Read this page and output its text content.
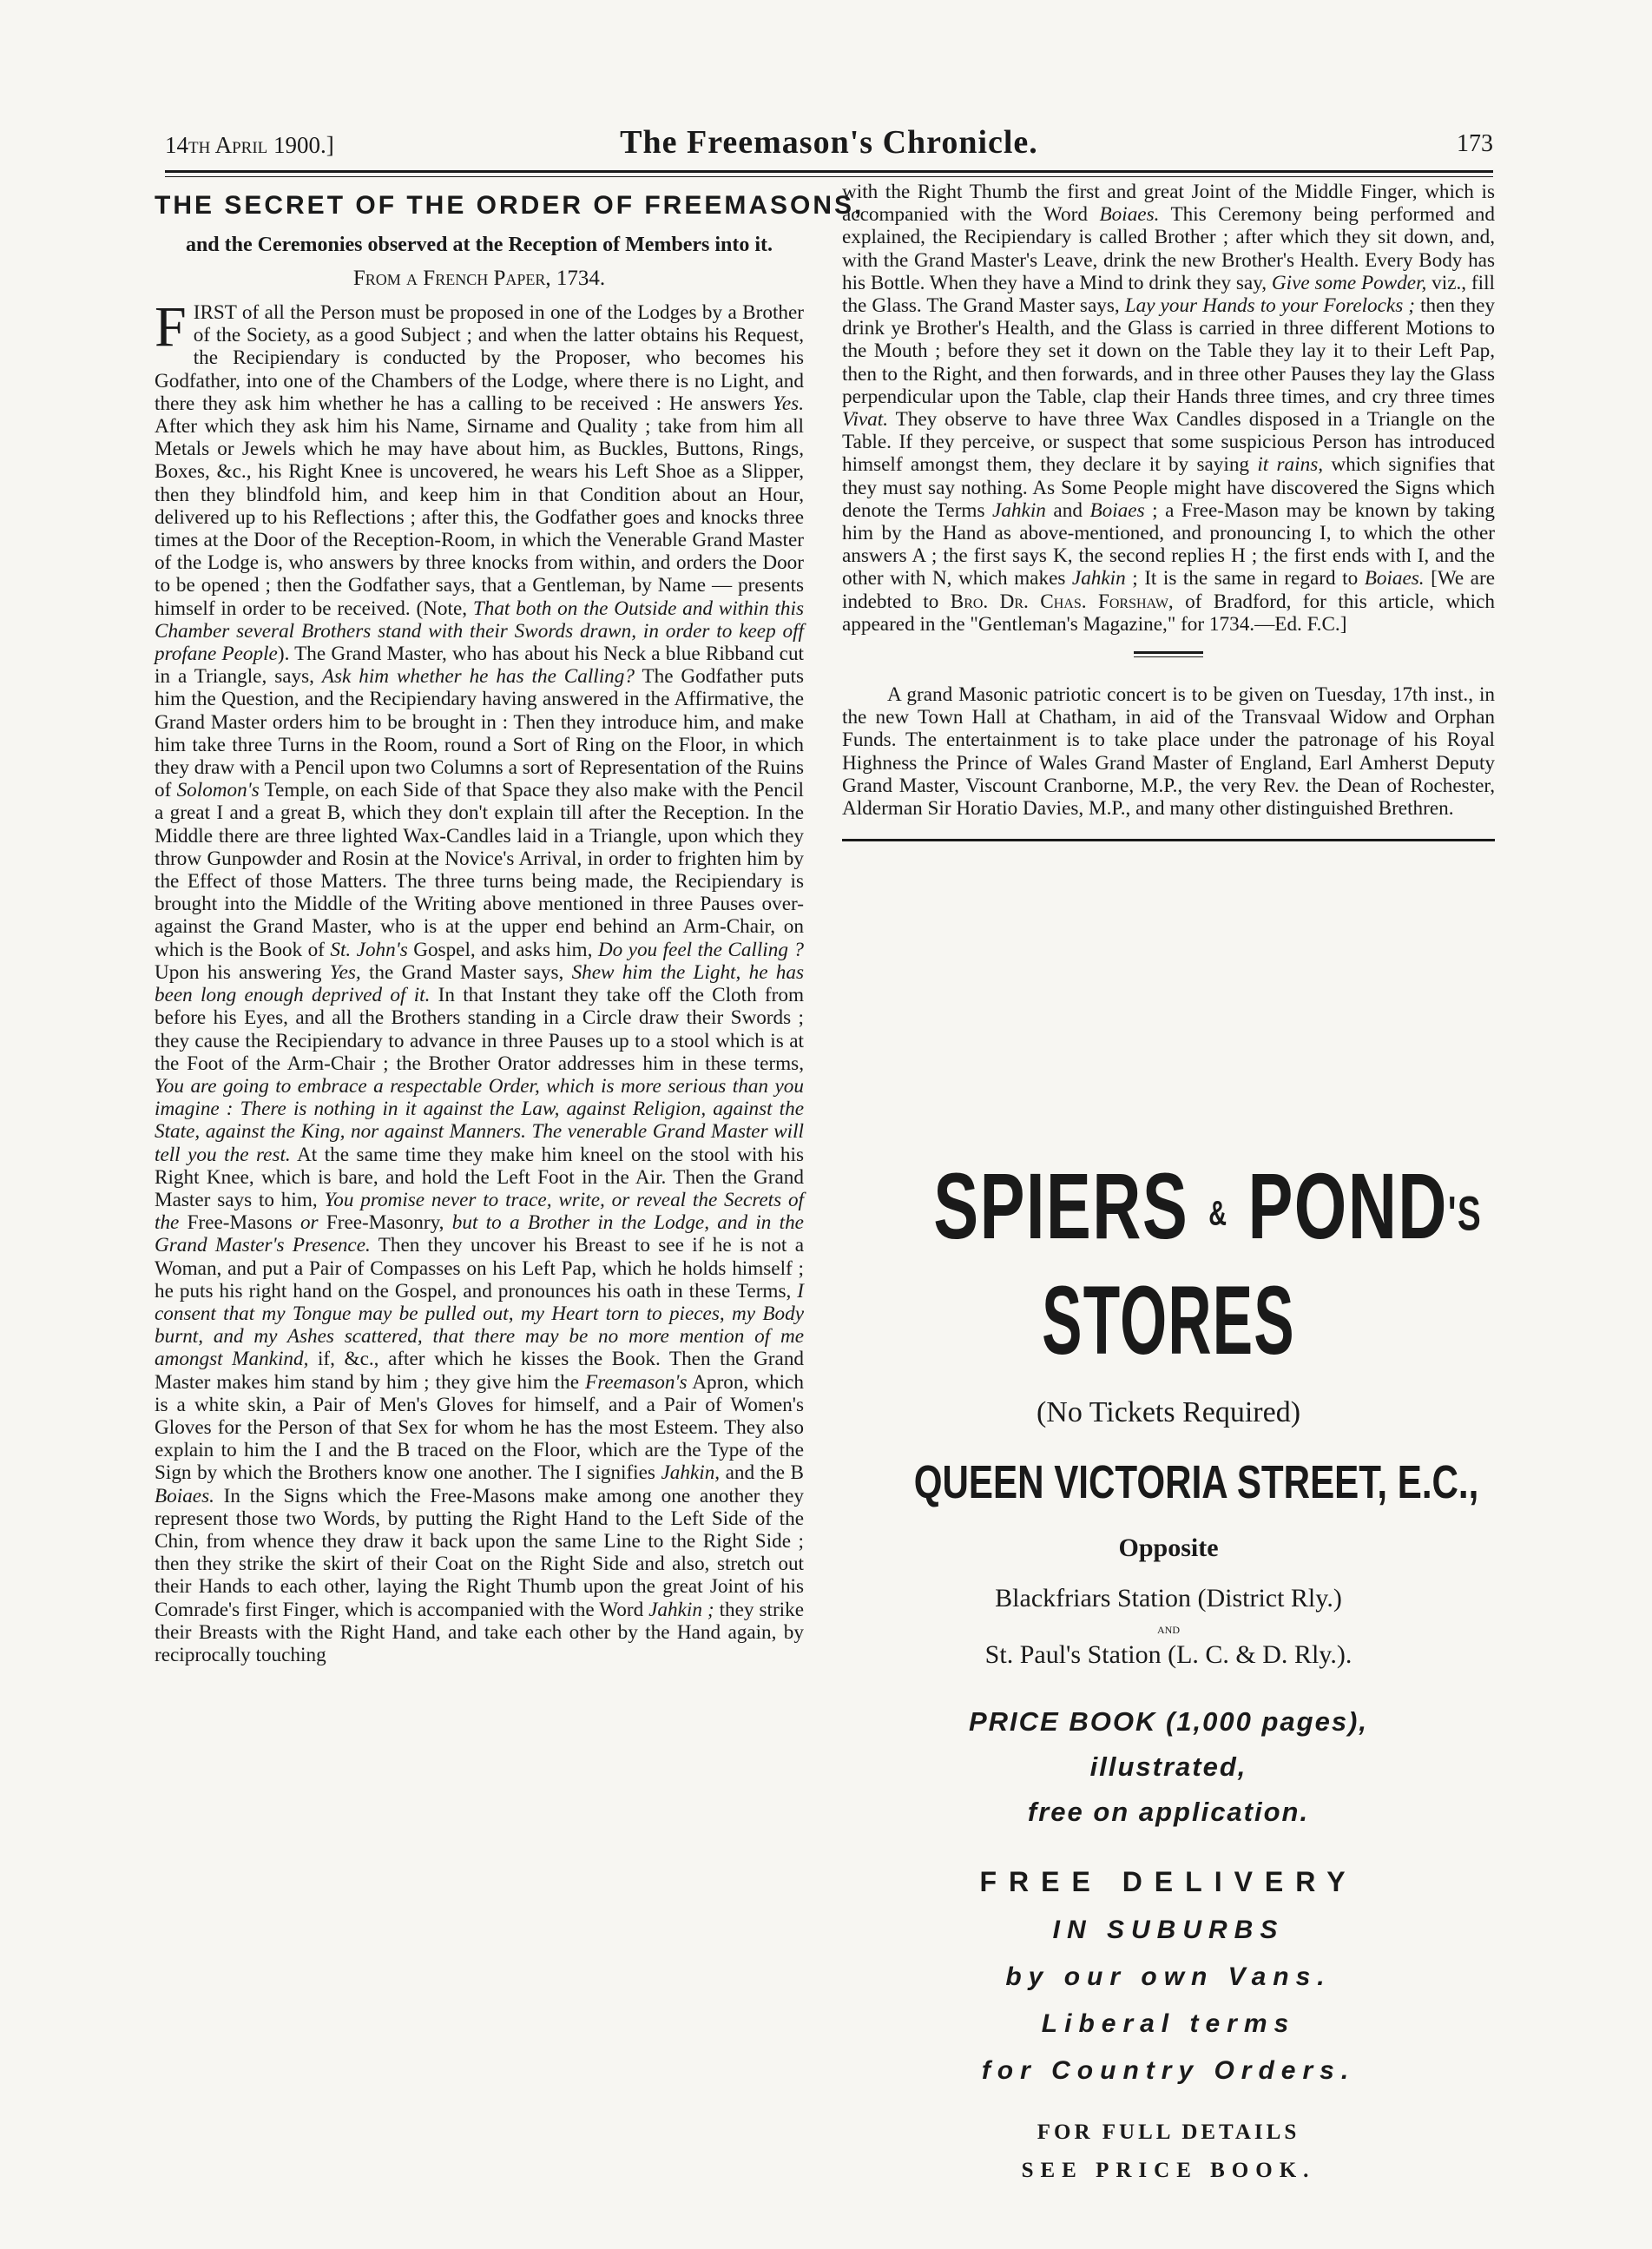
14th April 1900.]	The Freemason's Chronicle.	173
THE SECRET OF THE ORDER OF FREEMASONS,
and the Ceremonies observed at the Reception of Members into it.
From a French Paper, 1734.

FIRST of all the Person must be proposed in one of the Lodges by a Brother of the Society, as a good Subject ; and when the latter obtains his Request, the Recipiendary is conducted by the Proposer, who becomes his Godfather, into one of the Chambers of the Lodge, where there is no Light, and there they ask him whether he has a calling to be received : He answers Yes. After which they ask him his Name, Sirname and Quality ; take from him all Metals or Jewels which he may have about him, as Buckles, Buttons, Rings, Boxes, &c., his Right Knee is uncovered, he wears his Left Shoe as a Slipper, then they blindfold him, and keep him in that Condition about an Hour, delivered up to his Reflections ; after this, the Godfather goes and knocks three times at the Door of the Reception-Room, in which the Venerable Grand Master of the Lodge is, who answers by three knocks from within, and orders the Door to be opened ; then the Godfather says, that a Gentleman, by Name — presents himself in order to be received. (Note, That both on the Outside and within this Chamber several Brothers stand with their Swords drawn, in order to keep off profane People). The Grand Master, who has about his Neck a blue Ribband cut in a Triangle, says, Ask him whether he has the Calling? The Godfather puts him the Question, and the Recipiendary having answered in the Affirmative, the Grand Master orders him to be brought in : Then they introduce him, and make him take three Turns in the Room, round a Sort of Ring on the Floor, in which they draw with a Pencil upon two Columns a sort of Representation of the Ruins of Solomon's Temple, on each Side of that Space they also make with the Pencil a great I and a great B, which they don't explain till after the Reception. In the Middle there are three lighted Wax-Candles laid in a Triangle, upon which they throw Gunpowder and Rosin at the Novice's Arrival, in order to frighten him by the Effect of those Matters. The three turns being made, the Recipiendary is brought into the Middle of the Writing above mentioned in three Pauses over-against the Grand Master, who is at the upper end behind an Arm-Chair, on which is the Book of St. John's Gospel, and asks him, Do you feel the Calling ? Upon his answering Yes, the Grand Master says, Shew him the Light, he has been long enough deprived of it. In that Instant they take off the Cloth from before his Eyes, and all the Brothers standing in a Circle draw their Swords ; they cause the Recipiendary to advance in three Pauses up to a stool which is at the Foot of the Arm-Chair ; the Brother Orator addresses him in these terms, You are going to embrace a respectable Order, which is more serious than you imagine : There is nothing in it against the Law, against Religion, against the State, against the King, nor against Manners. The venerable Grand Master will tell you the rest. At the same time they make him kneel on the stool with his Right Knee, which is bare, and hold the Left Foot in the Air. Then the Grand Master says to him, You promise never to trace, write, or reveal the Secrets of the Free-Masons or Free-Masonry, but to a Brother in the Lodge, and in the Grand Master's Presence. Then they uncover his Breast to see if he is not a Woman, and put a Pair of Compasses on his Left Pap, which he holds himself ; he puts his right hand on the Gospel, and pronounces his oath in these Terms, I consent that my Tongue may be pulled out, my Heart torn to pieces, my Body burnt, and my Ashes scattered, that there may be no more mention of me amongst Mankind, if, &c., after which he kisses the Book. Then the Grand Master makes him stand by him ; they give him the Freemason's Apron, which is a white skin, a Pair of Men's Gloves for himself, and a Pair of Women's Gloves for the Person of that Sex for whom he has the most Esteem. They also explain to him the I and the B traced on the Floor, which are the Type of the Sign by which the Brothers know one another. The I signifies Jahkin, and the B Boiaes. In the Signs which the Free-Masons make among one another they represent those two Words, by putting the Right Hand to the Left Side of the Chin, from whence they draw it back upon the same Line to the Right Side ; then they strike the skirt of their Coat on the Right Side and also, stretch out their Hands to each other, laying the Right Thumb upon the great Joint of his Comrade's first Finger, which is accompanied with the Word Jahkin ; they strike their Breasts with the Right Hand, and take each other by the Hand again, by reciprocally touching

with the Right Thumb the first and great Joint of the Middle Finger, which is accompanied with the Word Boiaes. This Ceremony being performed and explained, the Recipiendary is called Brother ; after which they sit down, and, with the Grand Master's Leave, drink the new Brother's Health. Every Body has his Bottle. When they have a Mind to drink they say, Give some Powder, viz., fill the Glass. The Grand Master says, Lay your Hands to your Forelocks ; then they drink ye Brother's Health, and the Glass is carried in three different Motions to the Mouth ; before they set it down on the Table they lay it to their Left Pap, then to the Right, and then forwards, and in three other Pauses they lay the Glass perpendicular upon the Table, clap their Hands three times, and cry three times Vivat. They observe to have three Wax Candles disposed in a Triangle on the Table. If they perceive, or suspect that some suspicious Person has introduced himself amongst them, they declare it by saying it rains, which signifies that they must say nothing. As Some People might have discovered the Signs which denote the Terms Jahkin and Boiaes ; a Free-Mason may be known by taking him by the Hand as above-mentioned, and pronouncing I, to which the other answers A ; the first says K, the second replies H ; the first ends with I, and the other with N, which makes Jahkin ; It is the same in regard to Boiaes. [We are indebted to Bro. Dr. Chas. Forshaw, of Bradford, for this article, which appeared in the "Gentleman's Magazine," for 1734.—Ed. F.C.]

A grand Masonic patriotic concert is to be given on Tuesday, 17th inst., in the new Town Hall at Chatham, in aid of the Transvaal Widow and Orphan Funds. The entertainment is to take place under the patronage of his Royal Highness the Prince of Wales Grand Master of England, Earl Amherst Deputy Grand Master, Viscount Cranborne, M.P., the very Rev. the Dean of Rochester, Alderman Sir Horatio Davies, M.P., and many other distinguished Brethren.

SPIERS & POND'S
STORES
(No Tickets Required)
QUEEN VICTORIA STREET, E.C.,
Opposite
Blackfriars Station (District Rly.)
AND
St. Paul's Station (L. C. & D. Rly.).
PRICE BOOK (1,000 pages),
illustrated,
free on application.
FREE DELIVERY
IN SUBURBS
by our own Vans.
Liberal terms
for Country Orders.
FOR FULL DETAILS
SEE PRICE BOOK.
